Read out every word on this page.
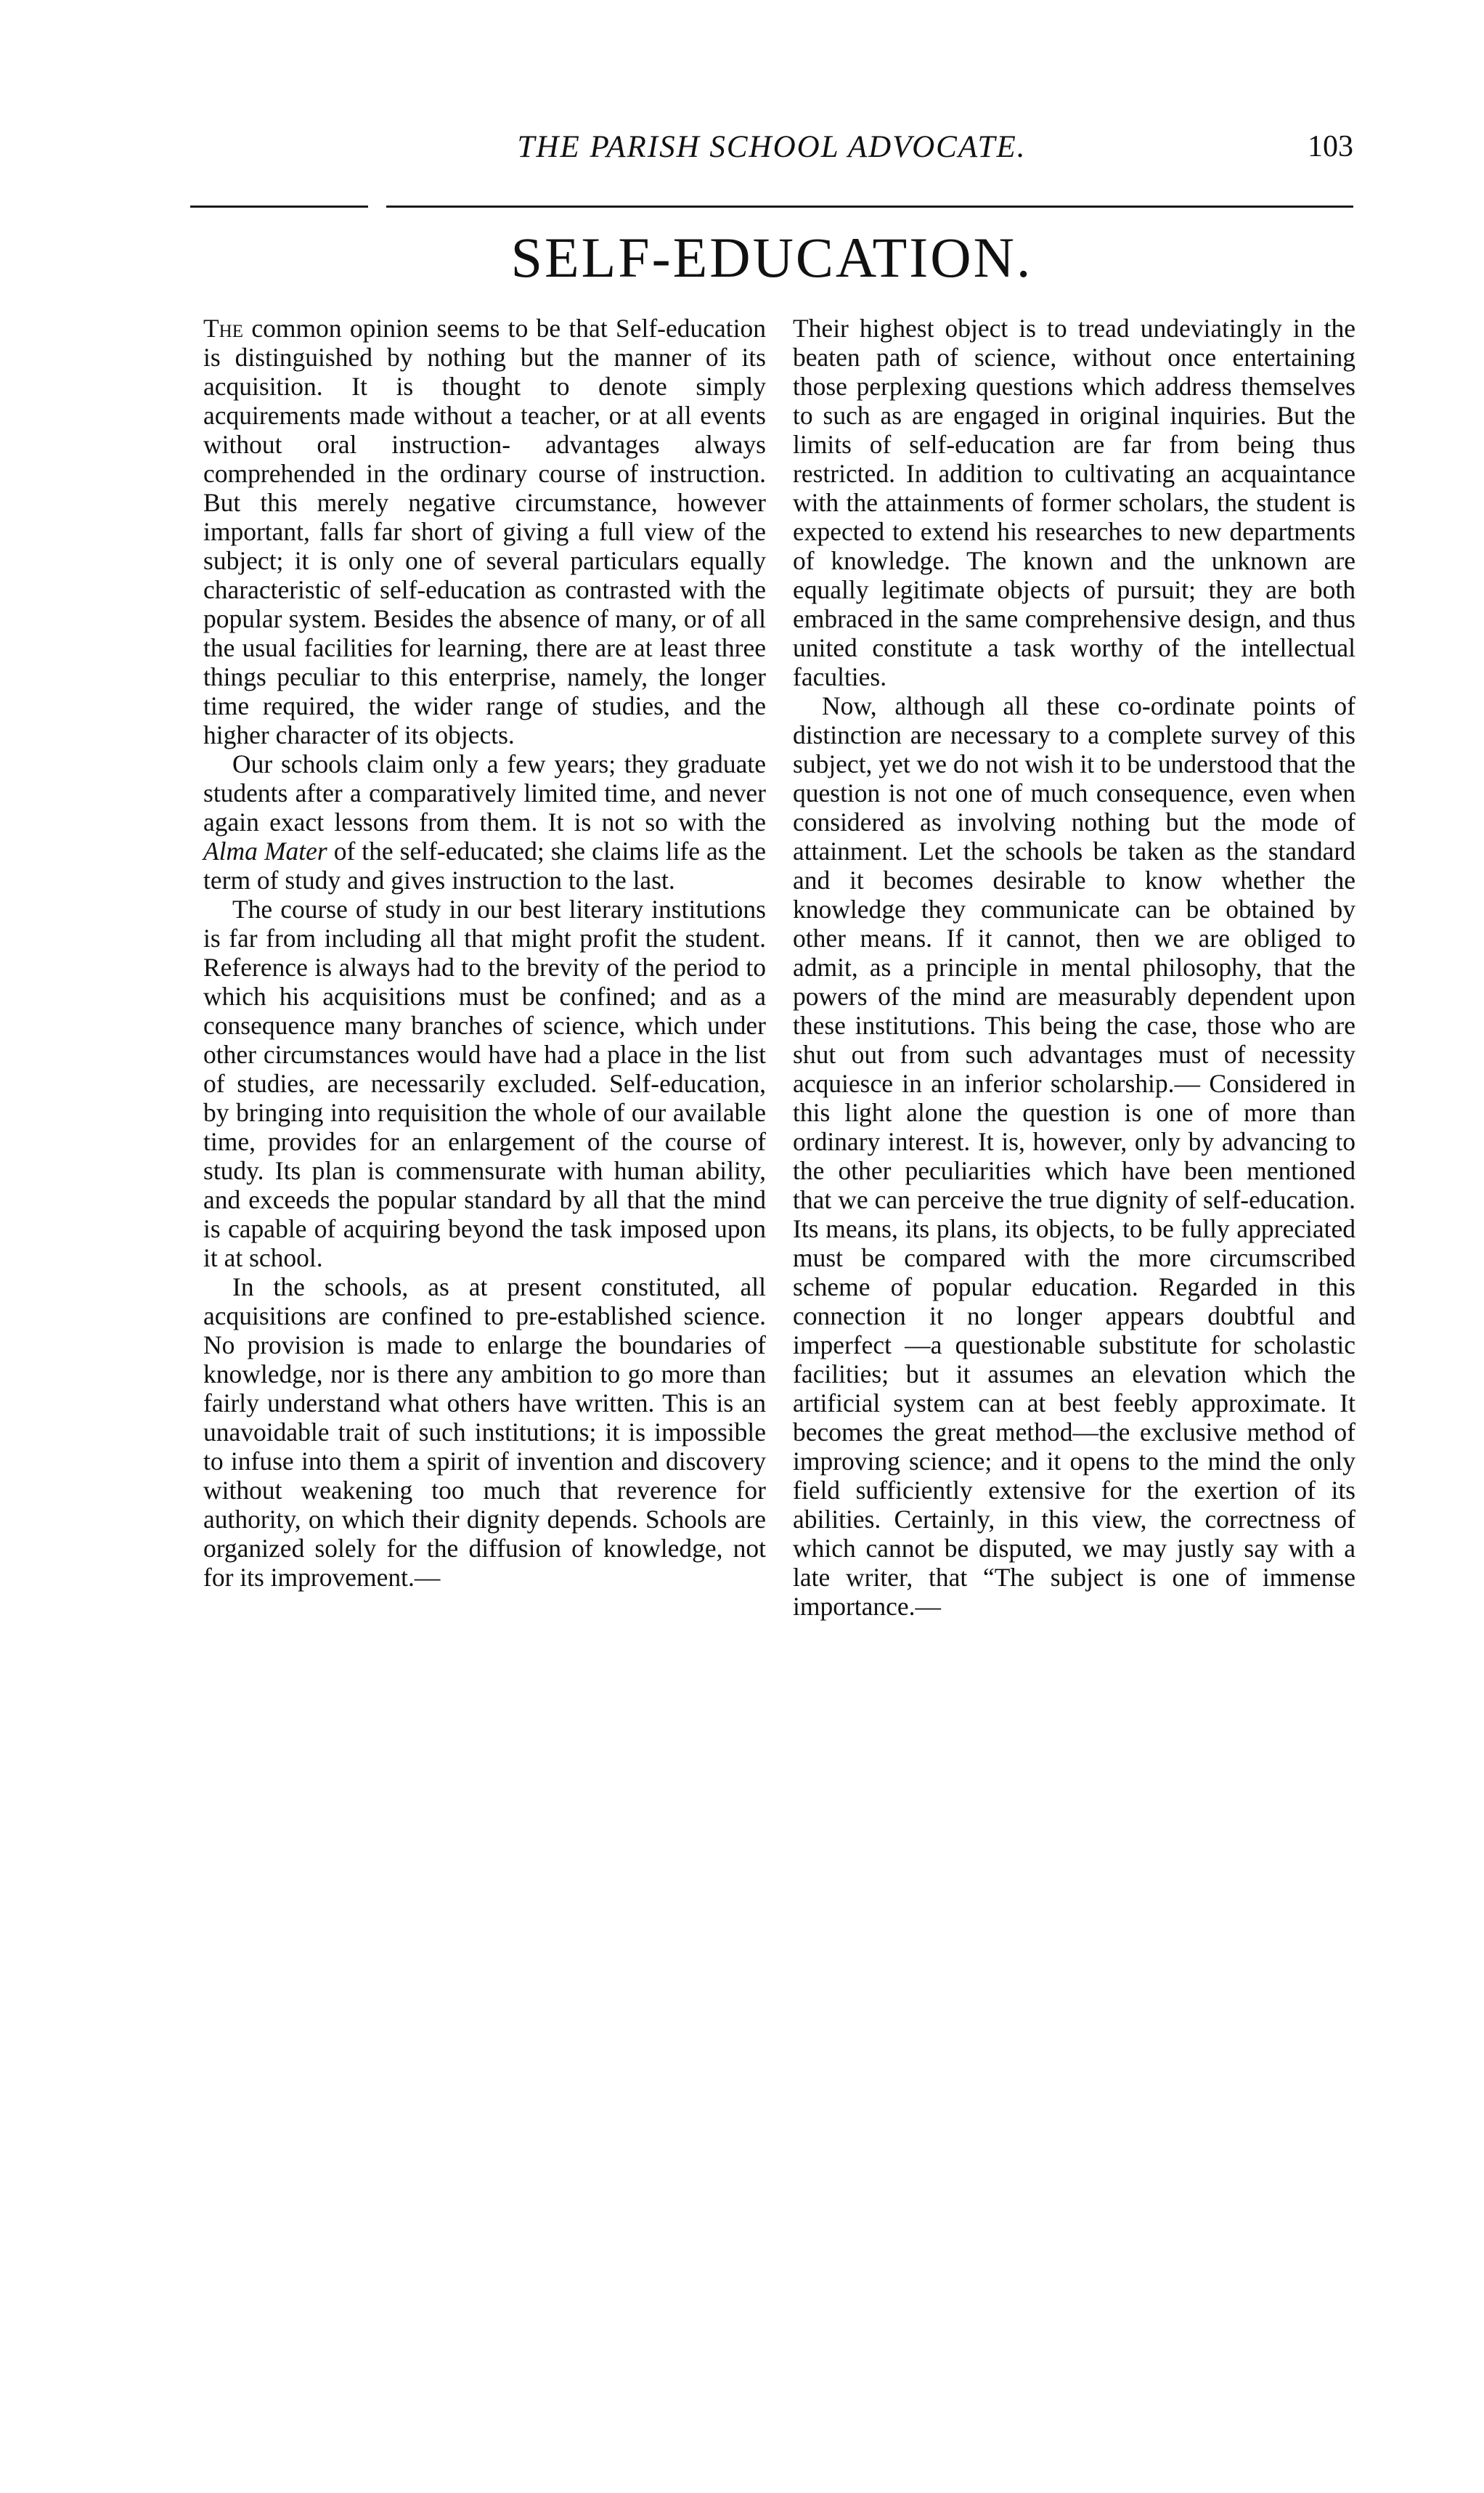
THE PARISH SCHOOL ADVOCATE.	103
SELF-EDUCATION.

The common opinion seems to be that Self-education is distinguished by nothing but the manner of its acquisition. It is thought to denote simply acquirements made without a teacher, or at all events without oral instruction- advantages always comprehended in the ordinary course of instruction. But this merely negative circumstance, however important, falls far short of giving a full view of the subject; it is only one of several particulars equally characteristic of self-education as contrasted with the popular system. Besides the absence of many, or of all the usual facilities for learning, there are at least three things peculiar to this enterprise, namely, the longer time required, the wider range of studies, and the higher character of its objects.

Our schools claim only a few years; they graduate students after a comparatively limited time, and never again exact lessons from them. It is not so with the Alma Mater of the self-educated; she claims life as the term of study and gives instruction to the last.

The course of study in our best literary institutions is far from including all that might profit the student. Reference is always had to the brevity of the period to which his acquisitions must be confined; and as a consequence many branches of science, which under other circumstances would have had a place in the list of studies, are necessarily excluded. Self-education, by bringing into requisition the whole of our available time, provides for an enlargement of the course of study. Its plan is commensurate with human ability, and exceeds the popular standard by all that the mind is capable of acquiring beyond the task imposed upon it at school.

In the schools, as at present constituted, all acquisitions are confined to pre-established science. No provision is made to enlarge the boundaries of knowledge, nor is there any ambition to go more than fairly understand what others have written. This is an unavoidable trait of such institutions; it is impossible to infuse into them a spirit of invention and discovery without weakening too much that reverence for authority, on which their dignity depends. Schools are organized solely for the diffusion of knowledge, not for its improvement.—

Their highest object is to tread undeviatingly in the beaten path of science, without once entertaining those perplexing questions which address themselves to such as are engaged in original inquiries. But the limits of self-education are far from being thus restricted. In addition to cultivating an acquaintance with the attainments of former scholars, the student is expected to extend his researches to new departments of knowledge. The known and the unknown are equally legitimate objects of pursuit; they are both embraced in the same comprehensive design, and thus united constitute a task worthy of the intellectual faculties.

Now, although all these co-ordinate points of distinction are necessary to a complete survey of this subject, yet we do not wish it to be understood that the question is not one of much consequence, even when considered as involving nothing but the mode of attainment. Let the schools be taken as the standard and it becomes desirable to know whether the knowledge they communicate can be obtained by other means. If it cannot, then we are obliged to admit, as a principle in mental philosophy, that the powers of the mind are measurably dependent upon these institutions. This being the case, those who are shut out from such advantages must of necessity acquiesce in an inferior scholarship.— Considered in this light alone the question is one of more than ordinary interest. It is, however, only by advancing to the other peculiarities which have been mentioned that we can perceive the true dignity of self-education. Its means, its plans, its objects, to be fully appreciated must be compared with the more circumscribed scheme of popular education. Regarded in this connection it no longer appears doubtful and imperfect —a questionable substitute for scholastic facilities; but it assumes an elevation which the artificial system can at best feebly approximate. It becomes the great method—the exclusive method of improving science; and it opens to the mind the only field sufficiently extensive for the exertion of its abilities. Certainly, in this view, the correctness of which cannot be disputed, we may justly say with a late writer, that “The subject is one of immense importance.—
